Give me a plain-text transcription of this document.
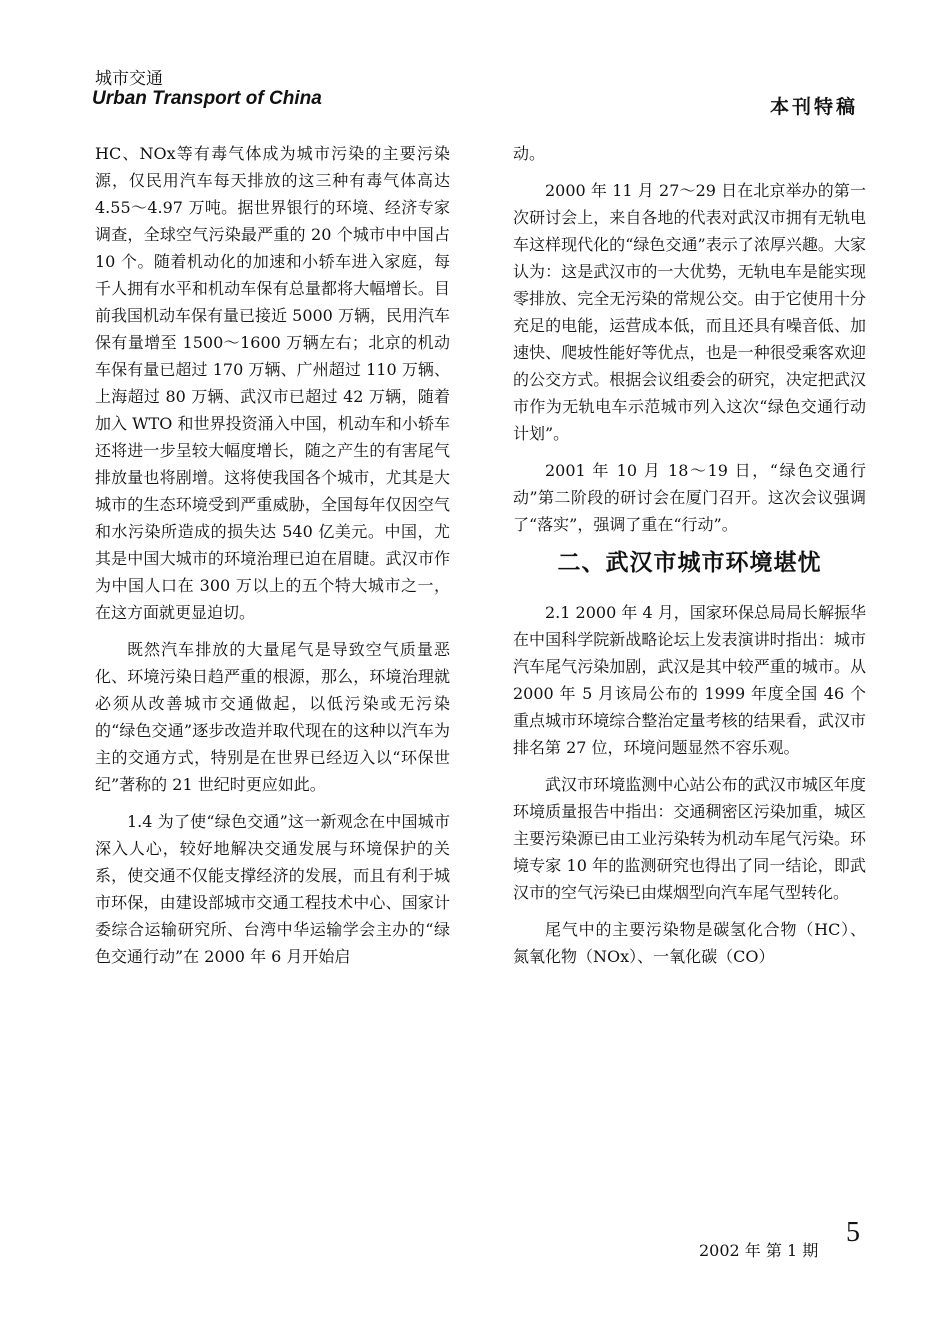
城市交通
Urban Transport of China	本刊特稿

HC、NOx等有毒气体成为城市污染的主要污染源，仅民用汽车每天排放的这三种有毒气体高达 4.55～4.97 万吨。据世界银行的环境、经济专家调查，全球空气污染最严重的 20 个城市中中国占 10 个。随着机动化的加速和小轿车进入家庭，每千人拥有水平和机动车保有总量都将大幅增长。目前我国机动车保有量已接近 5000 万辆，民用汽车保有量增至 1500～1600 万辆左右；北京的机动车保有量已超过 170 万辆、广州超过 110 万辆、上海超过 80 万辆、武汉市已超过 42 万辆，随着加入 WTO 和世界投资涌入中国，机动车和小轿车还将进一步呈较大幅度增长，随之产生的有害尾气排放量也将剧增。这将使我国各个城市，尤其是大城市的生态环境受到严重威胁，全国每年仅因空气和水污染所造成的损失达 540 亿美元。中国，尤其是中国大城市的环境治理已迫在眉睫。武汉市作为中国人口在 300 万以上的五个特大城市之一，在这方面就更显迫切。

既然汽车排放的大量尾气是导致空气质量恶化、环境污染日趋严重的根源，那么，环境治理就必须从改善城市交通做起，以低污染或无污染的“绿色交通”逐步改造并取代现在的这种以汽车为主的交通方式，特别是在世界已经迈入以“环保世纪”著称的 21 世纪时更应如此。

1.4 为了使“绿色交通”这一新观念在中国城市深入人心，较好地解决交通发展与环境保护的关系，使交通不仅能支撑经济的发展，而且有利于城市环保，由建设部城市交通工程技术中心、国家计委综合运输研究所、台湾中华运输学会主办的“绿色交通行动”在 2000 年 6 月开始启

动。

2000 年 11 月 27～29 日在北京举办的第一次研讨会上，来自各地的代表对武汉市拥有无轨电车这样现代化的“绿色交通”表示了浓厚兴趣。大家认为：这是武汉市的一大优势，无轨电车是能实现零排放、完全无污染的常规公交。由于它使用十分充足的电能，运营成本低，而且还具有噪音低、加速快、爬坡性能好等优点，也是一种很受乘客欢迎的公交方式。根据会议组委会的研究，决定把武汉市作为无轨电车示范城市列入这次“绿色交通行动计划”。

2001 年 10 月 18～19 日，“绿色交通行动”第二阶段的研讨会在厦门召开。这次会议强调了“落实”，强调了重在“行动”。

二、武汉市城市环境堪忧

2.1 2000 年 4 月，国家环保总局局长解振华在中国科学院新战略论坛上发表演讲时指出：城市汽车尾气污染加剧，武汉是其中较严重的城市。从 2000 年 5 月该局公布的 1999 年度全国 46 个重点城市环境综合整治定量考核的结果看，武汉市排名第 27 位，环境问题显然不容乐观。

武汉市环境监测中心站公布的武汉市城区年度环境质量报告中指出：交通稠密区污染加重，城区主要污染源已由工业污染转为机动车尾气污染。环境专家 10 年的监测研究也得出了同一结论，即武汉市的空气污染已由煤烟型向汽车尾气型转化。

尾气中的主要污染物是碳氢化合物（HC）、氮氧化物（NOx）、一氧化碳（CO）

2002 年 第 1 期
5
